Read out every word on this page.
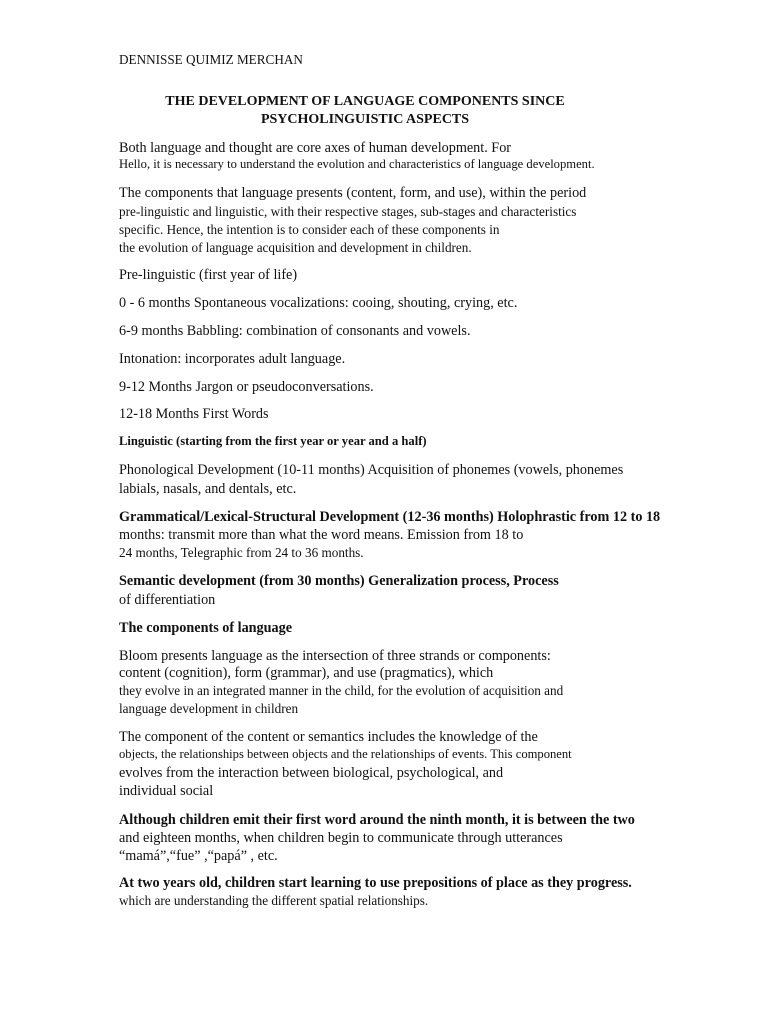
DENNISSE QUIMIZ MERCHAN
THE DEVELOPMENT OF LANGUAGE COMPONENTS SINCE
PSYCHOLINGUISTIC ASPECTS
Both language and thought are core axes of human development. For
Hello, it is necessary to understand the evolution and characteristics of language development.
The components that language presents (content, form, and use), within the period
pre-linguistic and linguistic, with their respective stages, sub-stages and characteristics
specific. Hence, the intention is to consider each of these components in
the evolution of language acquisition and development in children.
Pre-linguistic (first year of life)
0 - 6 months Spontaneous vocalizations: cooing, shouting, crying, etc.
6-9 months Babbling: combination of consonants and vowels.
Intonation: incorporates adult language.
9-12 Months Jargon or pseudoconversations.
12-18 Months First Words
Linguistic (starting from the first year or year and a half)
Phonological Development (10-11 months) Acquisition of phonemes (vowels, phonemes
labials, nasals, and dentals, etc.
Grammatical/Lexical-Structural Development (12-36 months) Holophrastic from 12 to 18
months: transmit more than what the word means. Emission from 18 to
24 months, Telegraphic from 24 to 36 months.
Semantic development (from 30 months) Generalization process, Process
of differentiation
The components of language
Bloom presents language as the intersection of three strands or components:
content (cognition), form (grammar), and use (pragmatics), which
they evolve in an integrated manner in the child, for the evolution of acquisition and
language development in children
The component of the content or semantics includes the knowledge of the
objects, the relationships between objects and the relationships of events. This component
evolves from the interaction between biological, psychological, and
individual social
Although children emit their first word around the ninth month, it is between the two
and eighteen months, when children begin to communicate through utterances
“mamá”,“fue” ,“papá” , etc.
At two years old, children start learning to use prepositions of place as they progress.
which are understanding the different spatial relationships.
